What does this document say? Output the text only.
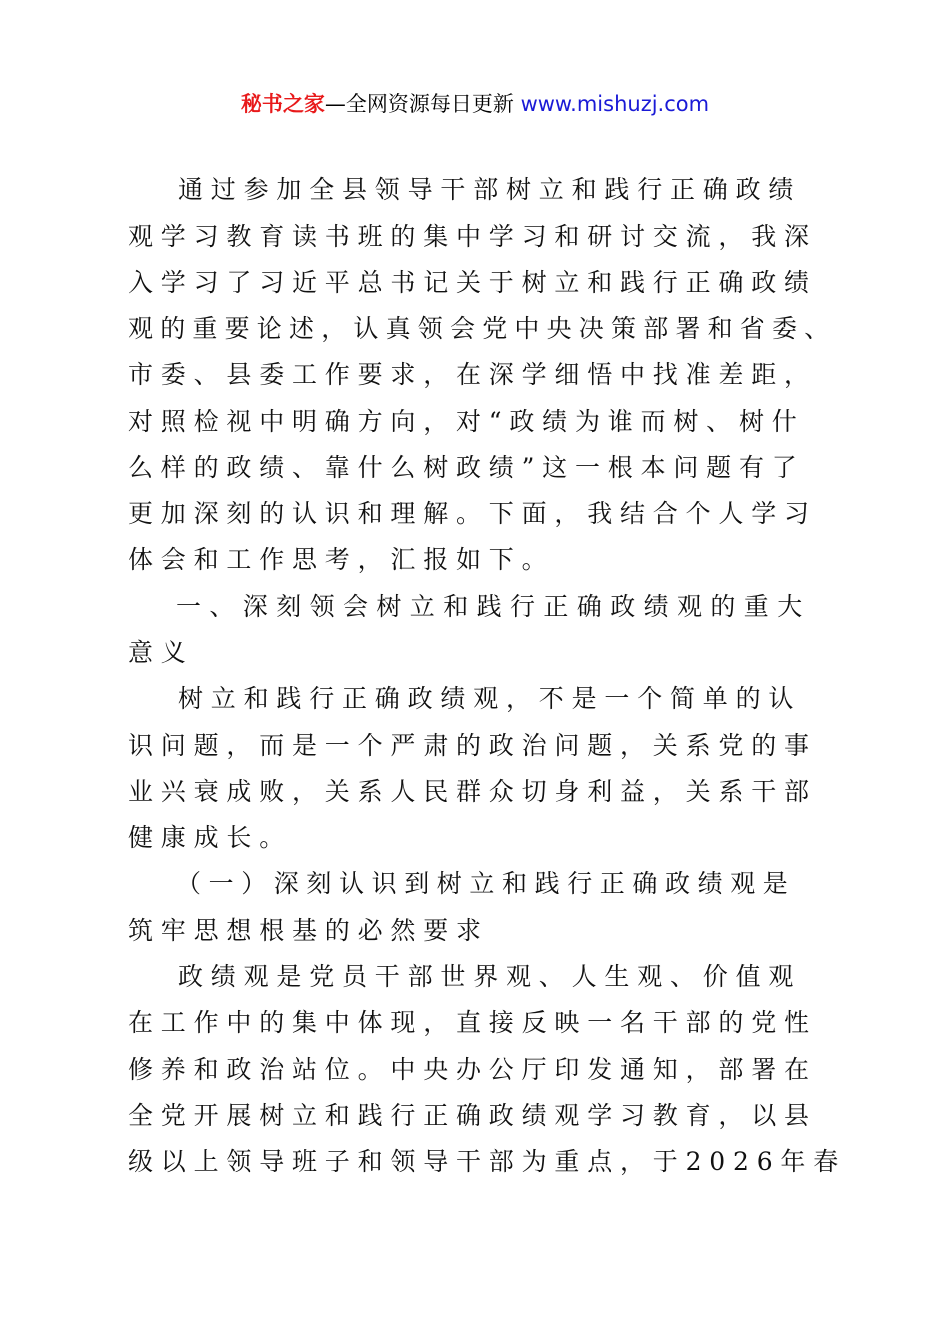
秘书之家—全网资源每日更新 www.mishuzj.com

通过参加全县领导干部树立和践行正确政绩

观学习教育读书班的集中学习和研讨交流，我深

入学习了习近平总书记关于树立和践行正确政绩

观的重要论述，认真领会党中央决策部署和省委、

市委、县委工作要求，在深学细悟中找准差距，

对照检视中明确方向，对“政绩为谁而树、树什

么样的政绩、靠什么树政绩”这一根本问题有了

更加深刻的认识和理解。下面，我结合个人学习

体会和工作思考，汇报如下。

一、深刻领会树立和践行正确政绩观的重大

意义

树立和践行正确政绩观，不是一个简单的认

识问题，而是一个严肃的政治问题，关系党的事

业兴衰成败，关系人民群众切身利益，关系干部

健康成长。

（一）深刻认识到树立和践行正确政绩观是

筑牢思想根基的必然要求

政绩观是党员干部世界观、人生观、价值观

在工作中的集中体现，直接反映一名干部的党性

修养和政治站位。中央办公厅印发通知，部署在

全党开展树立和践行正确政绩观学习教育，以县

级以上领导班子和领导干部为重点，于2026年春
